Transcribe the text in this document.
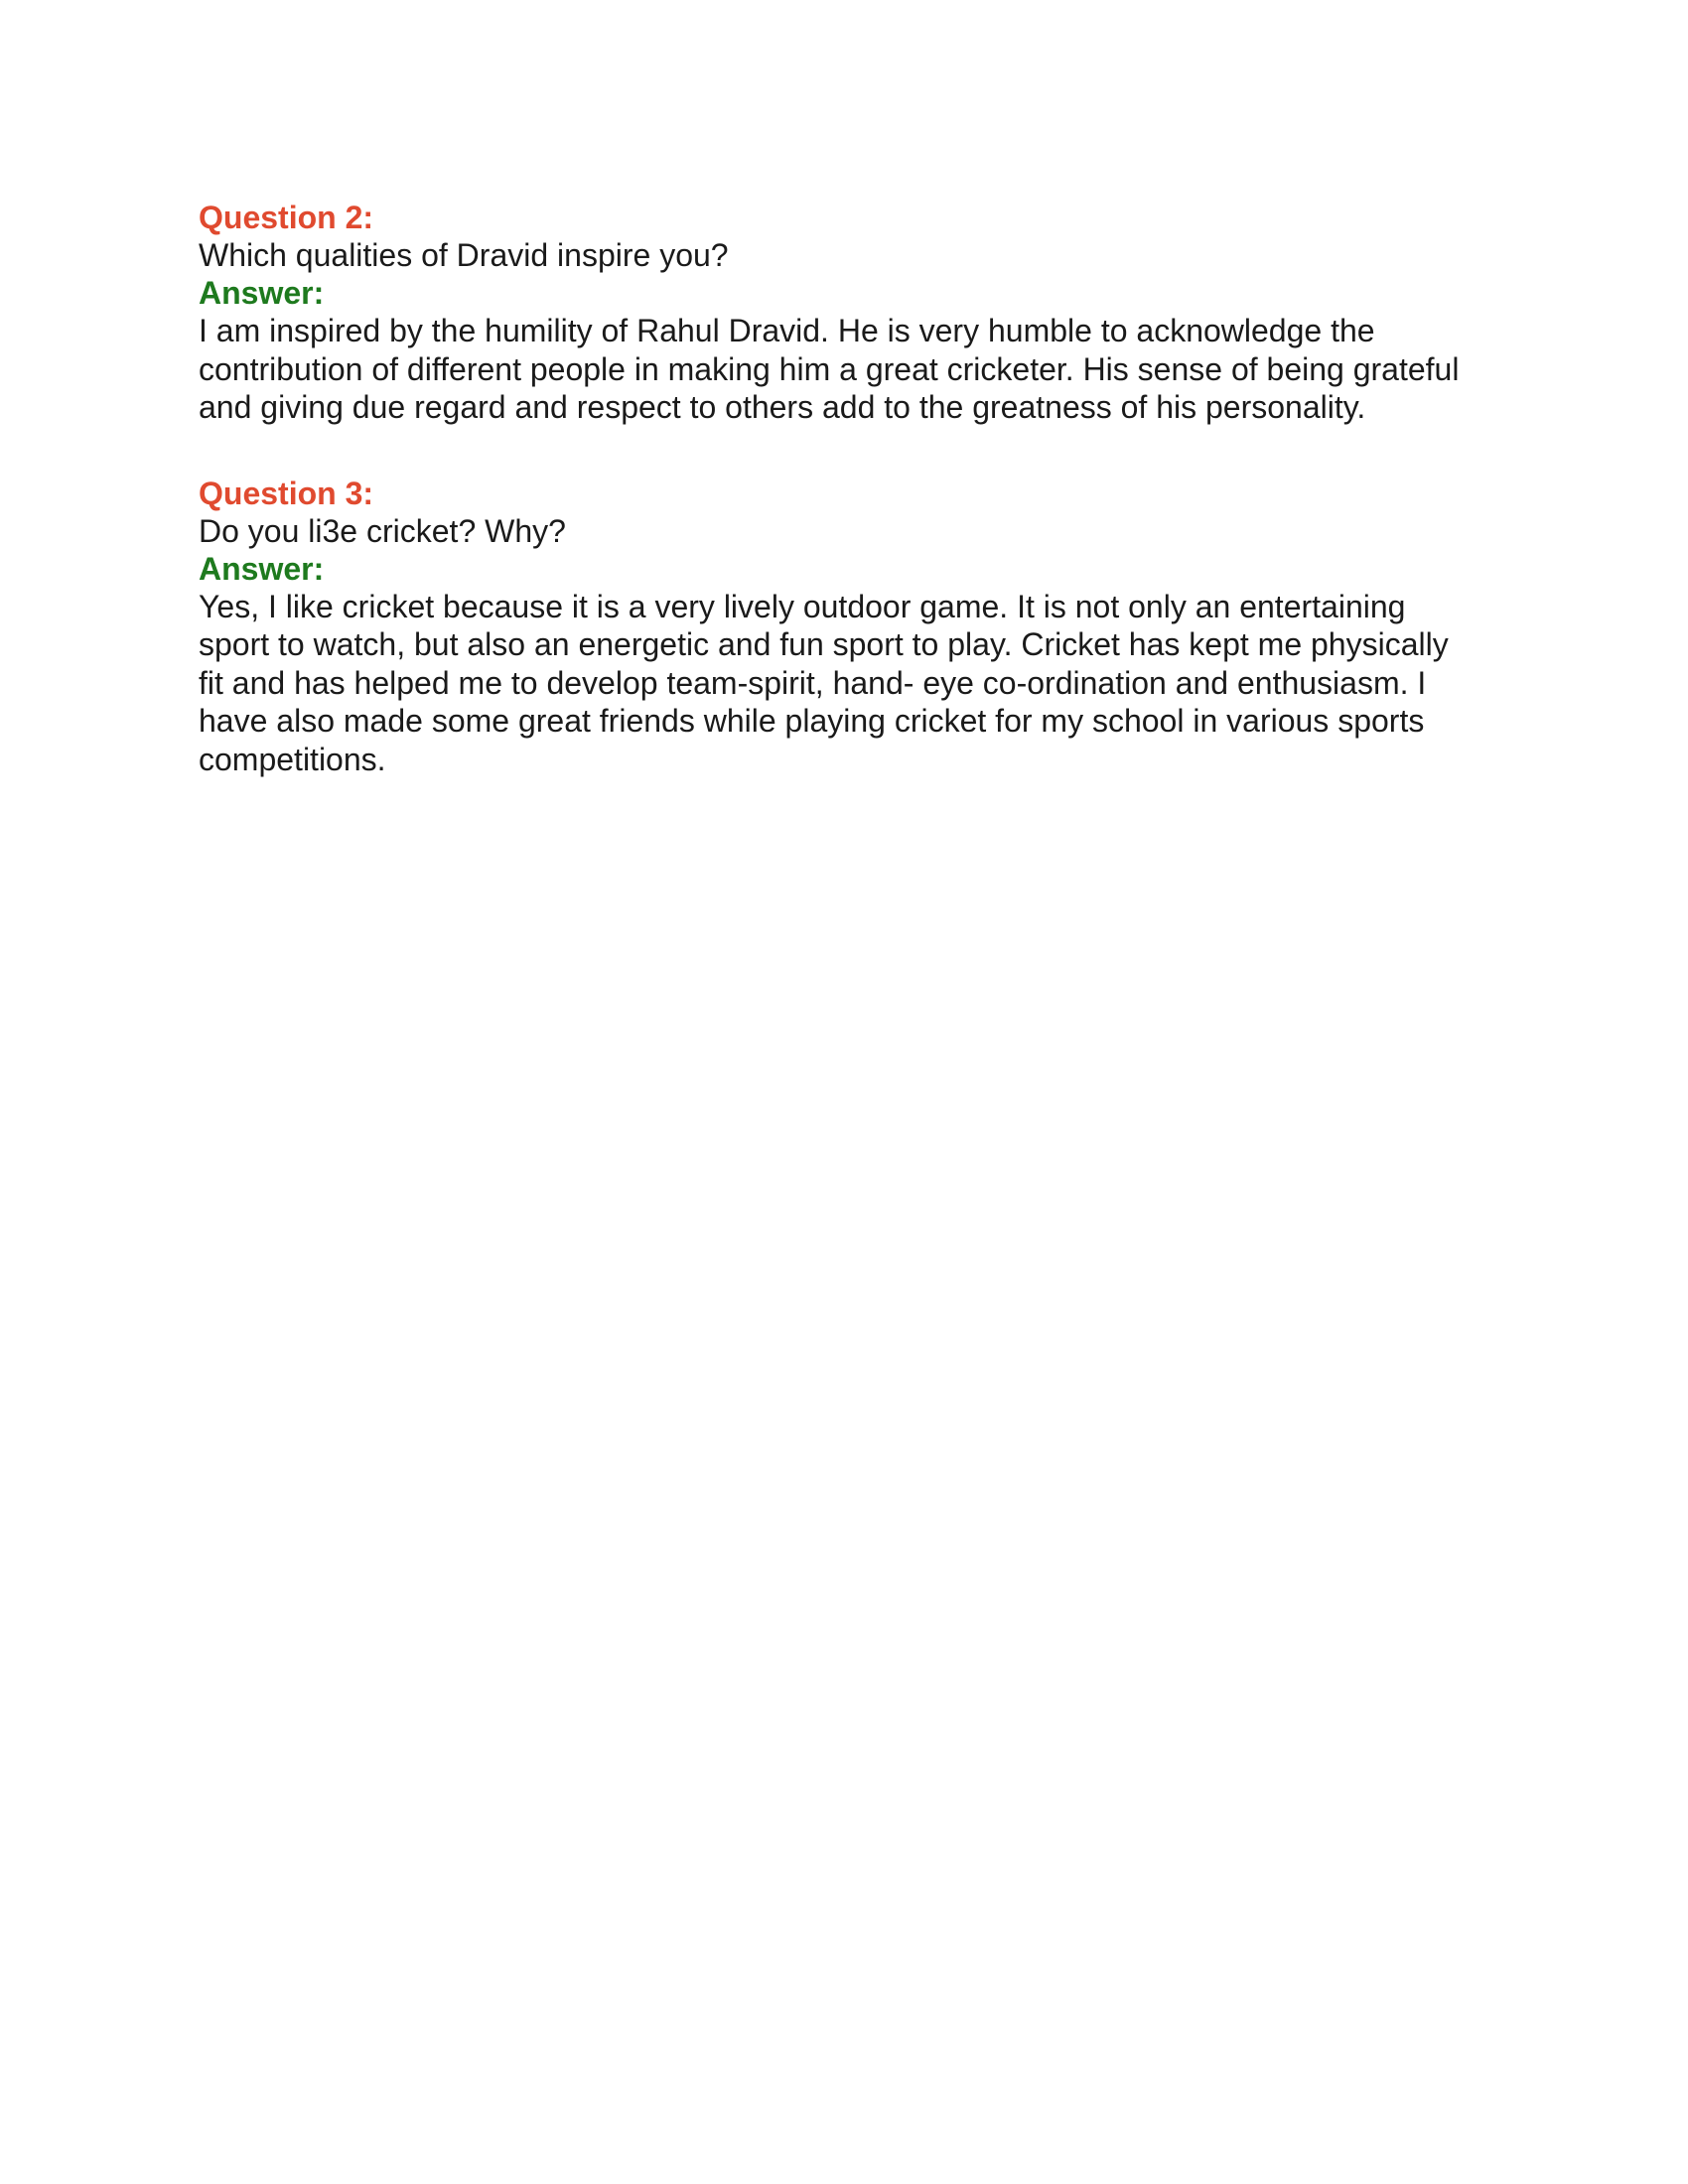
Question 2:

Which qualities of Dravid inspire you?

Answer:

I am inspired by the humility of Rahul Dravid. He is very humble to acknowledge the contribution of different people in making him a great cricketer. His sense of being grateful and giving due regard and respect to others add to the greatness of his personality.

Question 3:

Do you li3e cricket? Why?

Answer:

Yes, I like cricket because it is a very lively outdoor game. It is not only an entertaining sport to watch, but also an energetic and fun sport to play. Cricket has kept me physically fit and has helped me to develop team-spirit, hand- eye co-ordination and enthusiasm. I have also made some great friends while playing cricket for my school in various sports competitions.
